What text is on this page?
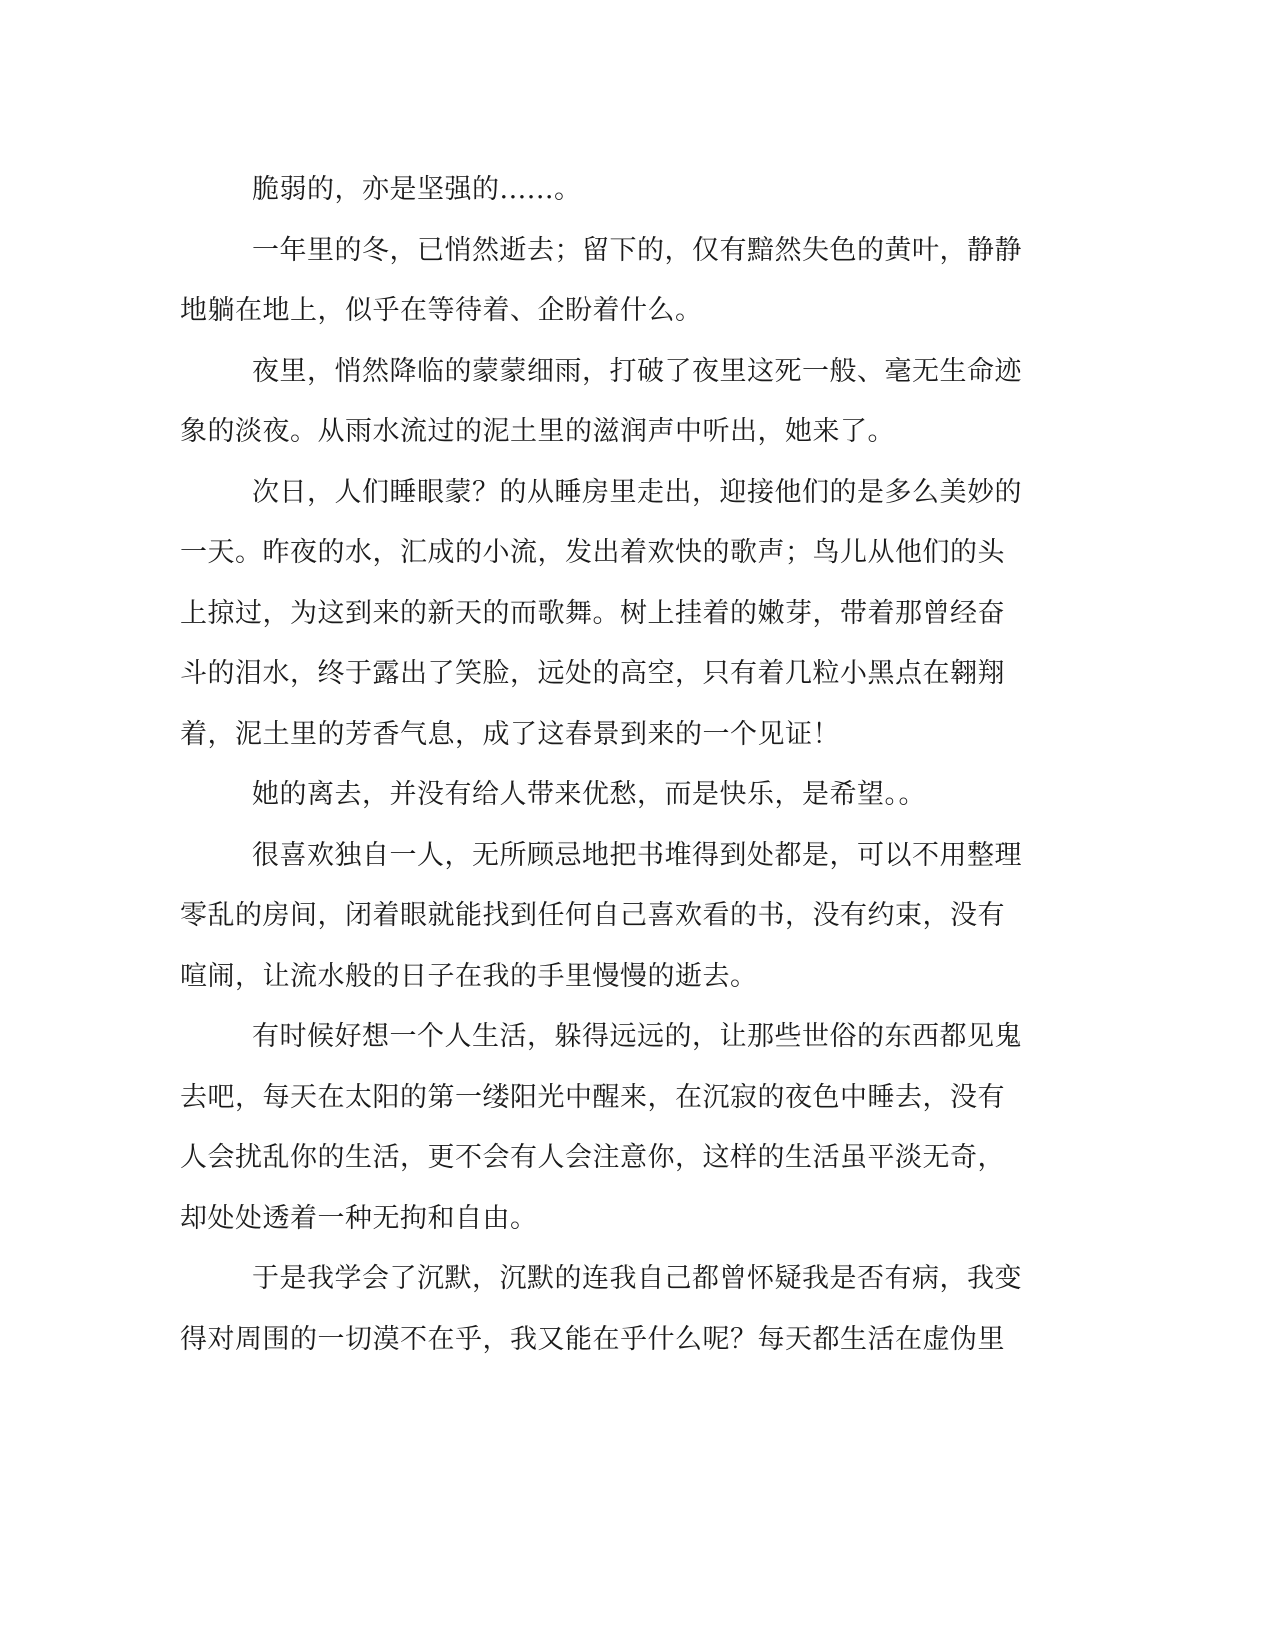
脆弱的，亦是坚强的......。
一年里的冬，已悄然逝去；留下的，仅有黯然失色的黄叶，静静
地躺在地上，似乎在等待着、企盼着什么。
夜里，悄然降临的蒙蒙细雨，打破了夜里这死一般、毫无生命迹
象的淡夜。从雨水流过的泥土里的滋润声中听出，她来了。
次日，人们睡眼蒙？的从睡房里走出，迎接他们的是多么美妙的
一天。昨夜的水，汇成的小流，发出着欢快的歌声；鸟儿从他们的头
上掠过，为这到来的新天的而歌舞。树上挂着的嫩芽，带着那曾经奋
斗的泪水，终于露出了笑脸，远处的高空，只有着几粒小黑点在翱翔
着，泥土里的芳香气息，成了这春景到来的一个见证！
她的离去，并没有给人带来优愁，而是快乐，是希望。。
很喜欢独自一人，无所顾忌地把书堆得到处都是，可以不用整理
零乱的房间，闭着眼就能找到任何自己喜欢看的书，没有约束，没有
喧闹，让流水般的日子在我的手里慢慢的逝去。
有时候好想一个人生活，躲得远远的，让那些世俗的东西都见鬼
去吧，每天在太阳的第一缕阳光中醒来，在沉寂的夜色中睡去，没有
人会扰乱你的生活，更不会有人会注意你，这样的生活虽平淡无奇，
却处处透着一种无拘和自由。
于是我学会了沉默，沉默的连我自己都曾怀疑我是否有病，我变
得对周围的一切漠不在乎，我又能在乎什么呢？每天都生活在虚伪里
